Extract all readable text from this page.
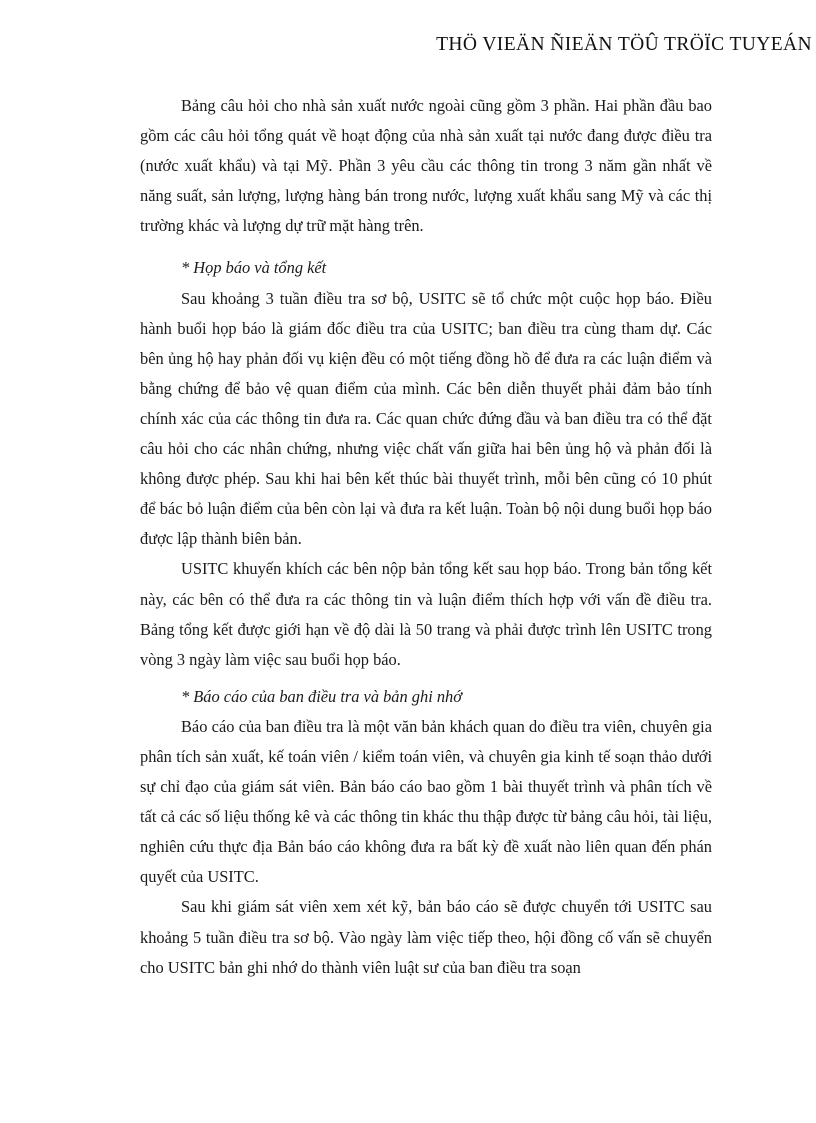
THÖ VIEÄN ÑIEÄN TÖÛ TRÖÏC TUYEÁN

Bảng câu hỏi cho nhà sản xuất nước ngoài cũng gồm 3 phần. Hai phần đầu bao gồm các câu hỏi tổng quát về hoạt động của nhà sản xuất tại nước đang được điều tra (nước xuất khẩu) và tại Mỹ. Phần 3 yêu cầu các thông tin trong 3 năm gần nhất về năng suất, sản lượng, lượng hàng bán trong nước, lượng xuất khẩu sang Mỹ và các thị trường khác và lượng dự trữ mặt hàng trên.

* Họp báo và tổng kết

Sau khoảng 3 tuần điều tra sơ bộ, USITC sẽ tổ chức một cuộc họp báo. Điều hành buổi họp báo là giám đốc điều tra của USITC; ban điều tra cùng tham dự. Các bên ủng hộ hay phản đối vụ kiện đều có một tiếng đồng hồ để đưa ra các luận điểm và bằng chứng để bảo vệ quan điểm của mình. Các bên diễn thuyết phải đảm bảo tính chính xác của các thông tin đưa ra. Các quan chức đứng đầu và ban điều tra có thể đặt câu hỏi cho các nhân chứng, nhưng việc chất vấn giữa hai bên ủng hộ và phản đối là không được phép. Sau khi hai bên kết thúc bài thuyết trình, mỗi bên cũng có 10 phút để bác bỏ luận điểm của bên còn lại và đưa ra kết luận. Toàn bộ nội dung buổi họp báo được lập thành biên bản.

USITC khuyến khích các bên nộp bản tổng kết sau họp báo. Trong bản tổng kết này, các bên có thể đưa ra các thông tin và luận điểm thích hợp với vấn đề điều tra. Bảng tổng kết được giới hạn về độ dài là 50 trang và phải được trình lên USITC trong vòng 3 ngày làm việc sau buổi họp báo.

* Báo cáo của ban điều tra và bản ghi nhớ

Báo cáo của ban điều tra là một văn bản khách quan do điều tra viên, chuyên gia phân tích sản xuất, kế toán viên / kiểm toán viên, và chuyên gia kinh tế soạn thảo dưới sự chỉ đạo của giám sát viên. Bản báo cáo bao gồm 1 bài thuyết trình và phân tích về tất cả các số liệu thống kê và các thông tin khác thu thập được từ bảng câu hỏi, tài liệu, nghiên cứu thực địa Bản báo cáo không đưa ra bất kỳ đề xuất nào liên quan đến phán quyết của USITC.

Sau khi giám sát viên xem xét kỹ, bản báo cáo sẽ được chuyển tới USITC sau khoảng 5 tuần điều tra sơ bộ. Vào ngày làm việc tiếp theo, hội đồng cố vấn sẽ chuyển cho USITC bản ghi nhớ do thành viên luật sư của ban điều tra soạn
